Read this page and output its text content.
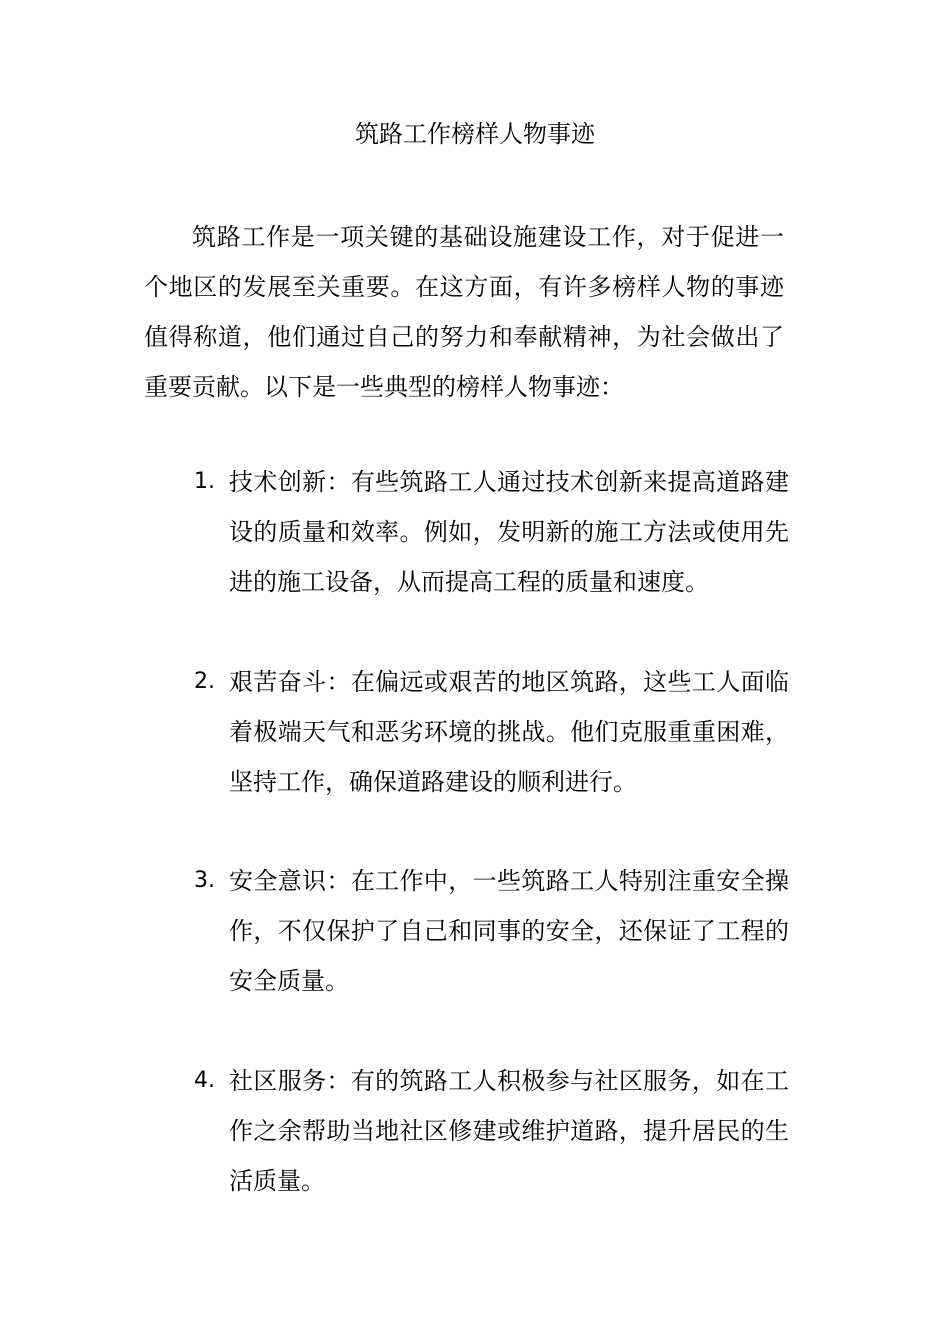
筑路工作榜样人物事迹

筑路工作是一项关键的基础设施建设工作，对于促进一个地区的发展至关重要。在这方面，有许多榜样人物的事迹值得称道，他们通过自己的努力和奉献精神，为社会做出了重要贡献。以下是一些典型的榜样人物事迹：

1. 技术创新：有些筑路工人通过技术创新来提高道路建设的质量和效率。例如，发明新的施工方法或使用先进的施工设备，从而提高工程的质量和速度。
2. 艰苦奋斗：在偏远或艰苦的地区筑路，这些工人面临着极端天气和恶劣环境的挑战。他们克服重重困难，坚持工作，确保道路建设的顺利进行。
3. 安全意识：在工作中，一些筑路工人特别注重安全操作，不仅保护了自己和同事的安全，还保证了工程的安全质量。
4. 社区服务：有的筑路工人积极参与社区服务，如在工作之余帮助当地社区修建或维护道路，提升居民的生活质量。
